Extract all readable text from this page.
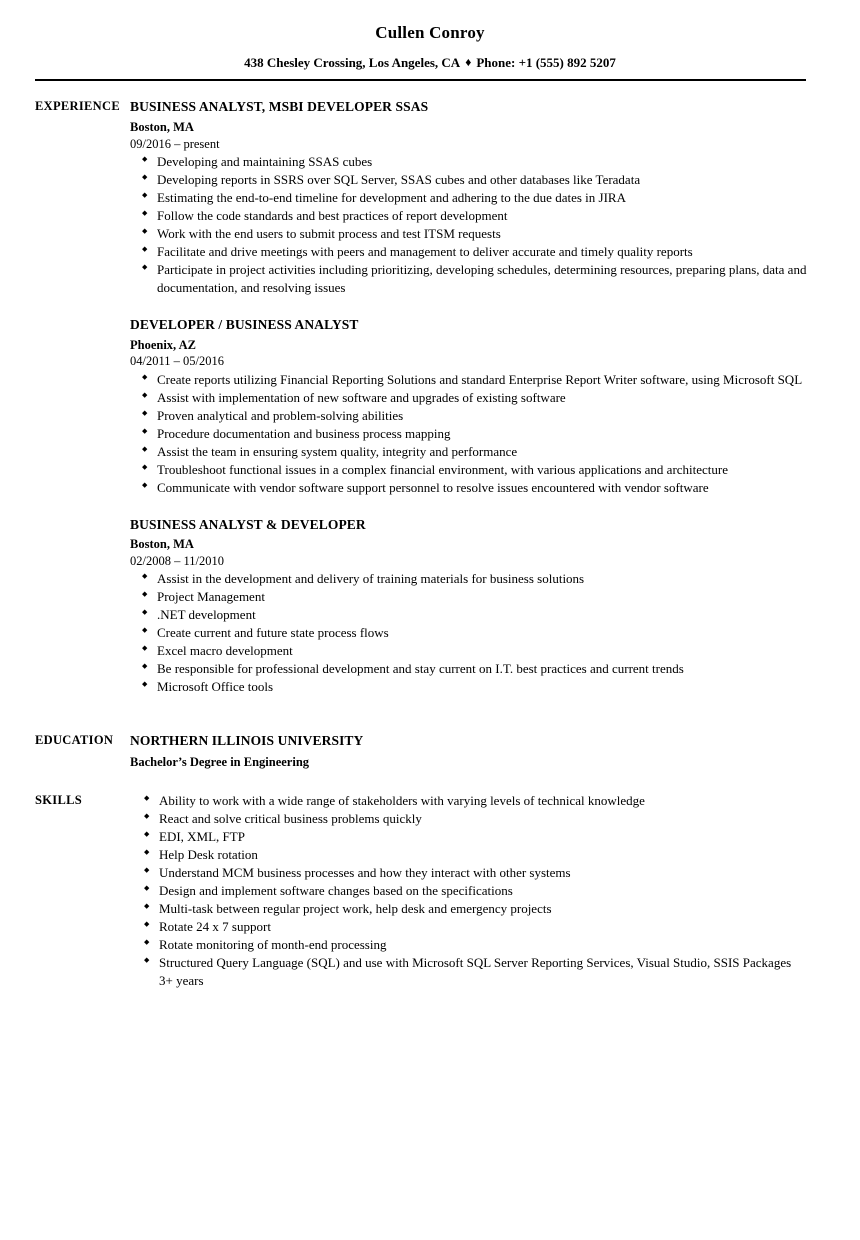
Cullen Conroy
438 Chesley Crossing, Los Angeles, CA ♦ Phone: +1 (555) 892 5207
EXPERIENCE BUSINESS ANALYST, MSBI DEVELOPER SSAS
Boston, MA
09/2016 – present
◆ Developing and maintaining SSAS cubes
◆ Developing reports in SSRS over SQL Server, SSAS cubes and other databases like Teradata
◆ Estimating the end-to-end timeline for development and adhering to the due dates in JIRA
◆ Follow the code standards and best practices of report development
◆ Work with the end users to submit process and test ITSM requests
◆ Facilitate and drive meetings with peers and management to deliver accurate and timely quality reports
◆ Participate in project activities including prioritizing, developing schedules, determining resources, preparing plans, data and documentation, and resolving issues
DEVELOPER / BUSINESS ANALYST
Phoenix, AZ
04/2011 – 05/2016
◆ Create reports utilizing Financial Reporting Solutions and standard Enterprise Report Writer software, using Microsoft SQL
◆ Assist with implementation of new software and upgrades of existing software
◆ Proven analytical and problem-solving abilities
◆ Procedure documentation and business process mapping
◆ Assist the team in ensuring system quality, integrity and performance
◆ Troubleshoot functional issues in a complex financial environment, with various applications and architecture
◆ Communicate with vendor software support personnel to resolve issues encountered with vendor software
BUSINESS ANALYST & DEVELOPER
Boston, MA
02/2008 – 11/2010
◆ Assist in the development and delivery of training materials for business solutions
◆ Project Management
◆ .NET development
◆ Create current and future state process flows
◆ Excel macro development
◆ Be responsible for professional development and stay current on I.T. best practices and current trends
◆ Microsoft Office tools
EDUCATION	NORTHERN ILLINOIS UNIVERSITY
Bachelor’s Degree in Engineering
SKILLS	◆ Ability to work with a wide range of stakeholders with varying levels of technical knowledge
◆ React and solve critical business problems quickly
◆ EDI, XML, FTP
◆ Help Desk rotation
◆ Understand MCM business processes and how they interact with other systems
◆ Design and implement software changes based on the specifications
◆ Multi-task between regular project work, help desk and emergency projects
◆ Rotate 24 x 7 support
◆ Rotate monitoring of month-end processing
◆ Structured Query Language (SQL) and use with Microsoft SQL Server Reporting Services, Visual Studio, SSIS Packages 3+ years
